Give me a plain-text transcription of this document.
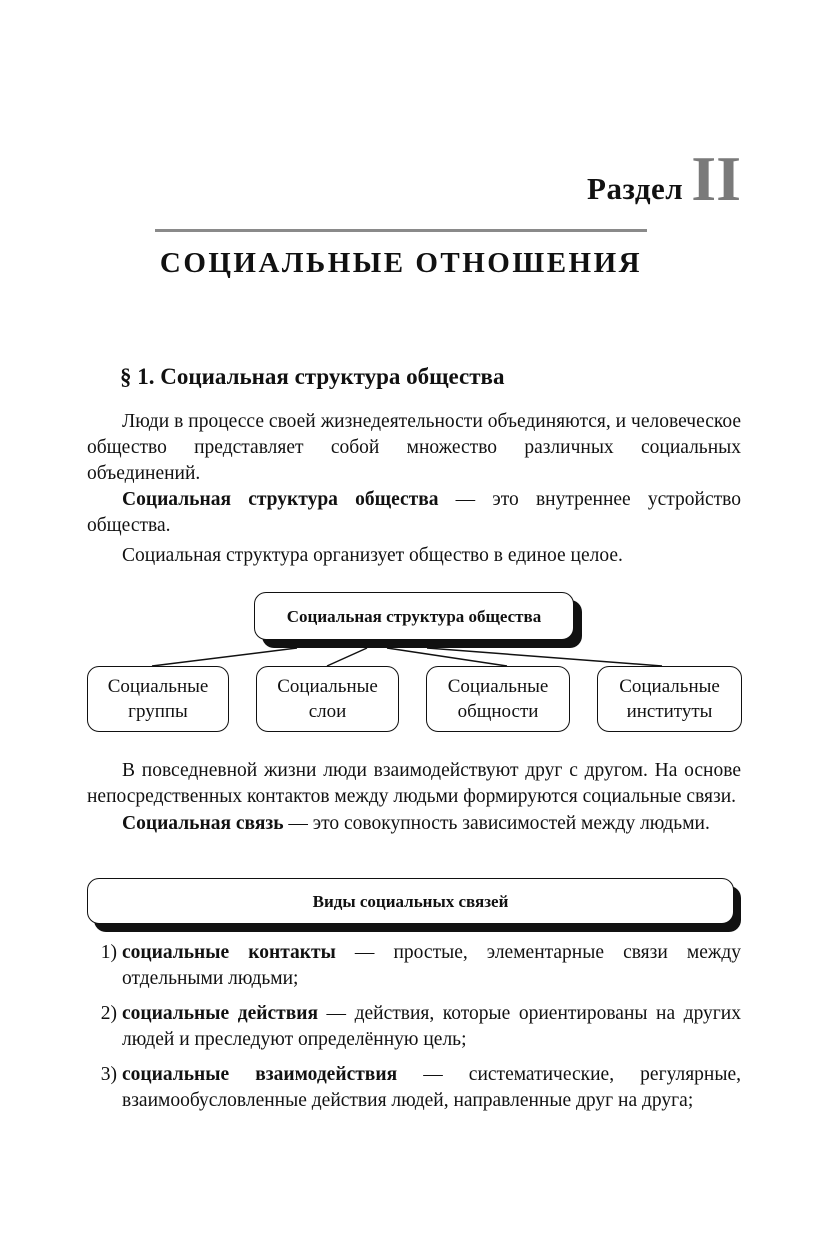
Раздел II
СОЦИАЛЬНЫЕ ОТНОШЕНИЯ
§ 1. Социальная структура общества

Люди в процессе своей жизнедеятельности объединяются, и человеческое общество представляет собой множество различных социальных объединений.

Социальная структура общества — это внутреннее устройство общества.

Социальная структура организует общество в единое целое.

Социальная структура общества
Социальные
группы
Социальные
слои
Социальные
общности
Социальные
институты

В повседневной жизни люди взаимодействуют друг с другом. На основе непосредственных контактов между людьми формируются социальные связи.

Социальная связь — это совокупность зависимостей между людьми.

Виды социальных связей
1) социальные контакты — простые, элементарные связи между отдельными людьми;
2) социальные действия — действия, которые ориентированы на других людей и преследуют определённую цель;
3) социальные взаимодействия — систематические, регулярные, взаимообусловленные действия людей, направленные друг на друга;
